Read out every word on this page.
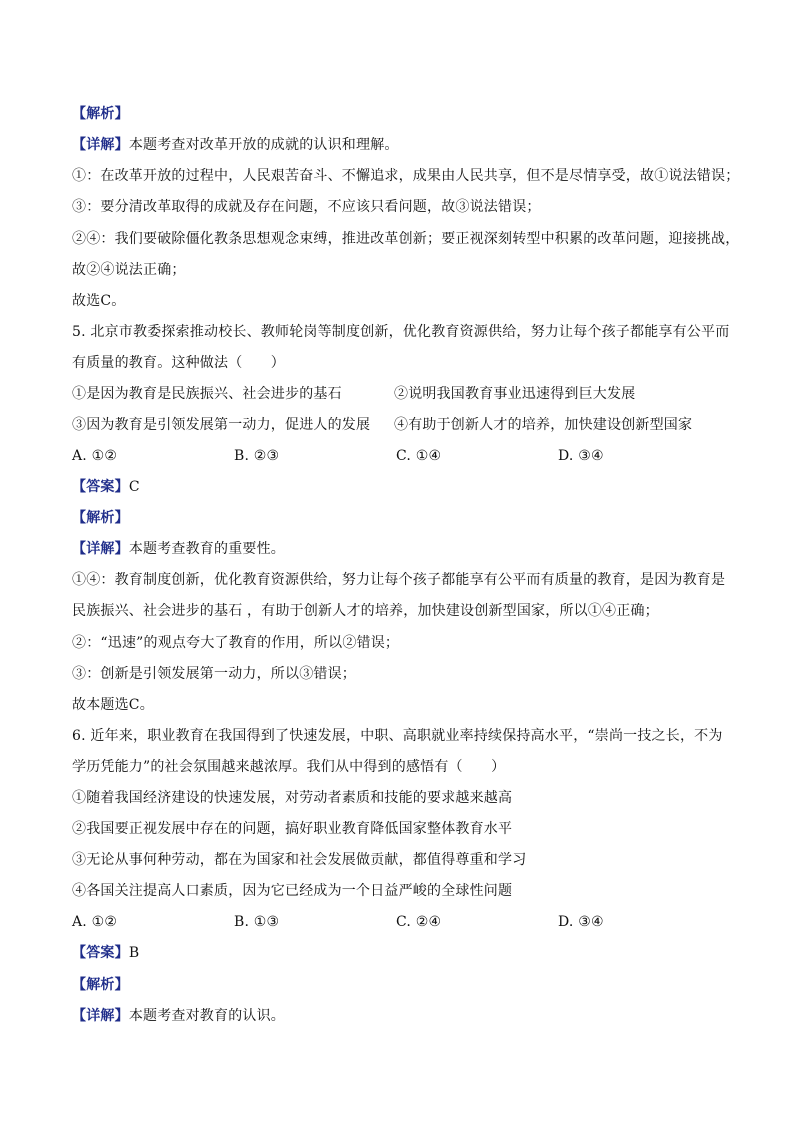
【解析】
【详解】本题考查对改革开放的成就的认识和理解。
①：在改革开放的过程中，人民艰苦奋斗、不懈追求，成果由人民共享，但不是尽情享受，故①说法错误；
③：要分清改革取得的成就及存在问题，不应该只看问题，故③说法错误；
②④：我们要破除僵化教条思想观念束缚，推进改革创新；要正视深刻转型中积累的改革问题，迎接挑战，
故②④说法正确；
故选C。
5. 北京市教委探索推动校长、教师轮岗等制度创新，优化教育资源供给，努力让每个孩子都能享有公平而
有质量的教育。这种做法（　　）
①是因为教育是民族振兴、社会进步的基石	②说明我国教育事业迅速得到巨大发展
③因为教育是引领发展第一动力，促进人的发展 ④有助于创新人才的培养，加快建设创新型国家
A. ①②	B. ②③	C. ①④	D. ③④
【答案】C
【解析】
【详解】本题考查教育的重要性。
①④：教育制度创新，优化教育资源供给，努力让每个孩子都能享有公平而有质量的教育，是因为教育是
民族振兴、社会进步的基石 ，有助于创新人才的培养，加快建设创新型国家，所以①④正确；
②：“迅速”的观点夸大了教育的作用，所以②错误；
③：创新是引领发展第一动力，所以③错误；
故本题选C。
6. 近年来，职业教育在我国得到了快速发展，中职、高职就业率持续保持高水平，“崇尚一技之长，不为
学历凭能力”的社会氛围越来越浓厚。我们从中得到的感悟有（　　）
①随着我国经济建设的快速发展，对劳动者素质和技能的要求越来越高
②我国要正视发展中存在的问题，搞好职业教育降低国家整体教育水平
③无论从事何种劳动，都在为国家和社会发展做贡献，都值得尊重和学习
④各国关注提高人口素质，因为它已经成为一个日益严峻的全球性问题
A. ①②	B. ①③	C. ②④	D. ③④
【答案】B
【解析】
【详解】本题考查对教育的认识。
